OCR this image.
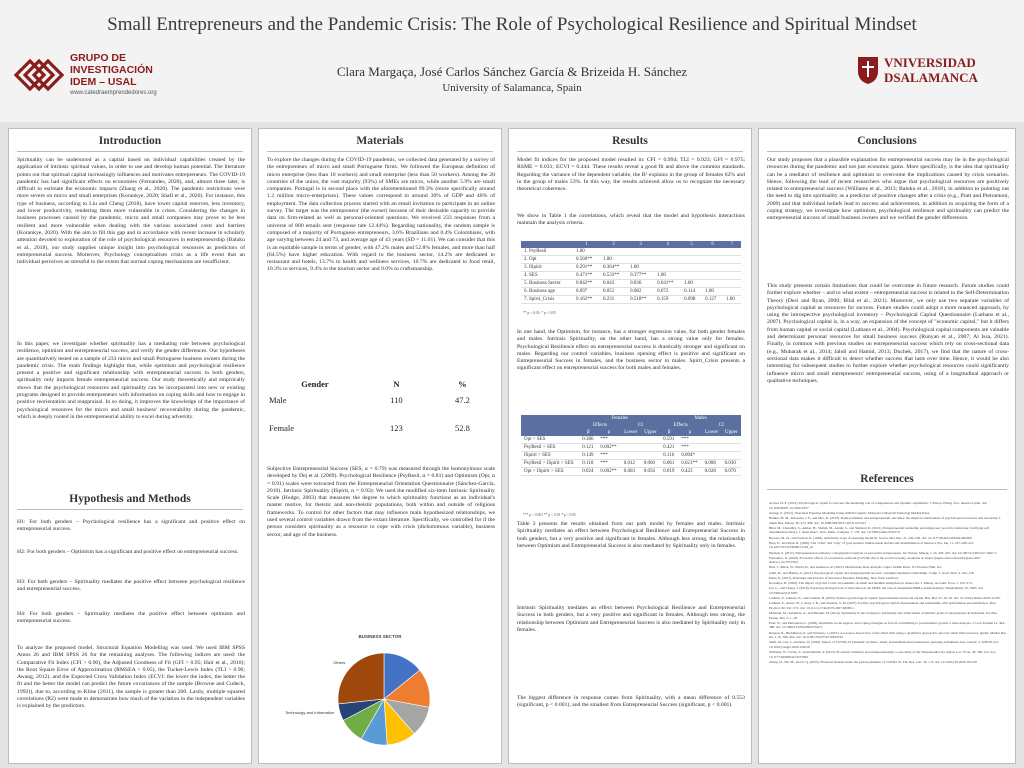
Small Entrepreneurs and the Pandemic Crisis: The Role of Psychological Resilience and Spiritual Mindset
GRUPO DE
INVESTIGACIÓN
IDEM – USAL
www.catedraemprendedores.org
Clara Margaça, José Carlos Sánchez García & Brizeida H. Sánchez
University of Salamanca, Spain
VNIVERSIDAD
DSALAMANCA
Introduction
Spirituality can be understood as a capital based on individual capabilities created by the application of intrinsic spiritual values, in order to use and develop human potential. The literature points out that spiritual capital increasingly influences and motivates entrepreneurs. The COVID-19 pandemic has had significant effects on economies (Fernandes, 2020), and, almost three later, is difficult to estimate the economic impacts (Zhang et al., 2020). The pandemic restrictions were more severe on micro and small enterprises (Korankye, 2020; Shafi et al., 2020). For instance, this type of business, according to Liu and Cheng (2018), have lower capital reserves, less inventory, and lower productivity, rendering them more vulnerable in crises. Considering the changes in business processes caused by the pandemic, micro and small companies may prove to be less resilient and more vulnerable when dealing with the various associated costs and barriers (Korankye, 2020). With the aim to fill this gap and in accordance with recent increase in scholarly attention devoted to exploration of the role of psychological resources in entrepreneurship (Baluku et al., 2018), our study supplies unique insight into psychological resources as predictors of entrepreneurial success. Moreover, Psychology conceptualises crisis as a life event that an individual perceives as stressful to the extent that normal coping mechanisms are insufficient.
In this paper, we investigate whether spirituality has a mediating role between psychological resilience, optimism and entrepreneurial success, and verify the gender differences. Our hypotheses are quantitatively tested on a sample of 233 micro and small Portuguese business owners during the pandemic crisis. The main findings highlight that, while optimism and psychological resilience present a positive and significant relationship with entrepreneurial success in both genders, spirituality only impacts female entrepreneurial success. Our study theoretically and empirically shows that the psychological resources and spirituality can be incorporated into new or existing programs designed to provide entrepreneurs with information on coping skills and how to engage in positive reorientation and reappraisal. In so doing, it improves the knowledge of the importance of psychological resources for the micro and small business' recoverability during the pandemic, which is deeply rooted in the entrepreneurial ability to excel during adversity.
Hypothesis and Methods
H1: For both genders – Psychological resilience has a significant and positive effect on entrepreneurial success.
H2: For both genders – Optimism has a significant and positive effect on entrepreneurial success.
H3: For both genders – Spirituality mediates the positive effect between psychological resilience and entrepreneurial success.
H4: For both genders – Spirituality mediates the positive effect between optimism and entrepreneurial success.
To analyze the proposed model, Structural Equation Modelling was used. We used IBM SPSS Amos 26 and IBM SPSS 26 for the remaining analyses. The following indices are used: the Comparative Fit Index (CFI > 0.90), the Adjusted Goodness of Fit (GFI > 0.95; Hair et al., 2010); the Root Square Error of Approximation (RMSEA < 0.05), the Tucker-Lewis Index (TLI > 0.90; Awang, 2012), and the Expected Cross Validation Index (ECVI: the lower the index, the better the fit and the better the model can predict the future covariances of the sample (Browne and Cudeck, 1992)), due to, according to Kline (2011), the sample is greater than 200. Lastly, multiple squared correlations (R2) were made to demonstrate how much of the variation in the independent variables is explained by the predictors.
Materials
To explore the changes during the COVID-19 pandemic, we collected data generated by a survey of the entrepreneurs of micro and small Portuguese firms. We followed the European definition of micro enterprise (less than 10 workers) and small enterprise (less than 50 workers). Among the 28 countries of the union, the vast majority (93%) of SMEs are micro, while another 5.9% are small companies. Portugal is in second place with the aforementioned 99.3% (more specifically around 1.2 million micro-enterprises). These values correspond to around 30% of GDP and 40% of employment. The data collection process started with an email invitation to participate in an online survey. The target was the entrepreneur (the owner) because of their desirable capacity to provide data on firm-related as well as personal-oriented questions. We received 233 responses from a universe of 800 emails sent (response rate 12.44%). Regarding nationality, the random sample is composed of a majority of Portuguese entrepreneurs, 3.6% Brazilians and 0.4% Colombians, with age varying between 24 and 73, and average age of 43 years (SD = 11.01). We can consider that this is an equitable sample in terms of gender, with 47.2% males and 52.8% females, and more than half (64.5%) have higher education. With regard to the business sector, 14.2% are dedicated to restaurant and hotels, 13.7% to health and wellness services, 10.7% are dedicated to food retail, 10.3% to services, 9.4% to the tourism sector and 9.0% to craftsmanship.
Gender	N	%
Male	110	47.2
Female	123	52.8
Subjective Entrepreneurial Success (SES, α = 0.79) was measured through the homonymous scale developed by Dej et al. (2009). Psychological Resilience (PsyResil, α = 0.81) and Optimism (Opt, α = 0.91) scales were extracted from the Entrepreneurial Orientation Questionnaire (Sánchez-García, 2010). Intrinsic Spirituality (ISpirit, α = 0.93): We used the modified six-item Intrinsic Spirituality Scale (Hodge, 2003) that measures the degree to which spirituality functions as an individual's master motive, for theistic and non-theistic populations, both within and outside of religious frameworks. To control for other factors that may influence main hypothesized relationships, we used several control variables drawn from the extant literature. Specifically, we controlled for if the person considers spirituality as a resource to cope with crisis (dichotomous variable), business sector, and age of the business.
BUSINESS SECTOR
Technology and Information
Others
Results
Model fit indices for the proposed model resulted in: CFI = 0.994; TLI = 0.923; GFI = 0.975; RSME = 0.031; ECVI = 0.444. These results reveal a good fit and above the common standards. Regarding the variance of the dependent variable, the R² explains in the group of females 62% and in the group of males 53%. In this way, the results achieved allow us to recognize the necessary theoretical coherence.
We show in Table 1 the correlations, which reveal that the model and hypothesis interactions maintain the analysis criteria.
	1	2	3	4	5	6	7
1. PsyResil	1.00						
2. Opt	0.560**	1.00					
3. ISpirit	0.291**	0.364**	1.00				
4. SES	0.471**	0.533**	0.377**	1.00			
5. Business Sector	0.042**	0.043	0.036	0.041**	1.00		
6. Business age	0.097	0.051	0.082	0.072	0.114	1.00	
7. Spirit_Crisis	0.162**	0.231	0.518**	0.159	0.098	0.127	1.00
** p < 0.01; * p < 0.05
In one hand, the Optimism, for instance, has a stronger regression value, for both gender females and males. Intrinsic Spirituality, on the other hand, has a strong value only for females. Psychological Resilience effect on entrepreneurial success is drastically stronger and significant on males. Regarding our control variables, business opening effect is positive and significant on Entrepreneurial Success in females, and the business sector in males. Spirit_Crisis presents a significant effect on entrepreneurial success for both males and females.
	Females				Males			
	Effects		CI		Effects		CI	
	β	p	Lower	Upper	β	p	Lower	Upper
Opt > SES	0.386	***			0.591	***		
PsyResil > SES	0.121	0.002**			0.421	***		
ISpirit > SES	0.149	***			0.116	0.004*		
PsyResil > ISpirit > SES	0.118	***	0.012	0.060	0.061	0.021**	0.006	0.030
Opt > ISpirit > SES	0.024	0.002**	0.003	0.056	0.019	0.423	0.028	0.070
*** p < 0.001 ** p < 0.01 * p < 0.05
Table 2 presents the results obtained from our path model by females and males. Intrinsic Spirituality mediates an effect between Psychological Resilience and Entrepreneurial Success in both genders, but a very positive and significant in females. Although less strong, the relationship between Optimism and Entrepreneurial Success is also mediated by Spirituality only in females.
Intrinsic Spirituality mediates an effect between Psychological Resilience and Entrepreneurial Success in both genders, but a very positive and significant in females. Although less strong, the relationship between Optimism and Entrepreneurial Success is also mediated by Spirituality only in females.
The biggest difference in response comes from Spirituality, with a mean difference of 0.553 (significant, p < 0.001), and the smallest from Entrepreneurial Success (significant, p < 0.001).
Conclusions
Our study proposes that a plausible explanation for entrepreneurial success may lie in the psychological resources during the pandemic and not just economic gains. More specifically, is the idea that spirituality can be a mediator of resilience and optimism to overcome the implications caused by crisis scenarios. Hence, following the lead of recent researchers who argue that psychological resources are positively related to entrepreneurial success (Williams et al., 2013; Baluku et al., 2018), in addition to pointing out the need to dig into spirituality as a predictor of positive changes after a crisis (e.g., Pratt and Pietrantoni, 2009) and that individual beliefs lead to success and achievement, in addition to acquiring the form of a coping strategy, we investigate how optimism, psychological resilience and spirituality can predict the entrepreneurial success of small business owners and we verified the gender differences.
This study presents certain limitations that could be overcome in future research. Future studies could further explore whether – and to what extent – entrepreneurial success is related to the Self-Determination Theory (Deci and Ryan, 2000; Bilal et al., 2021). Moreover, we only use two separate variables of psychological capital as resources for success. Future studies could adopt a more nuanced approach, by using the introspective psychological inventory – Psychological Capital Questionnaire (Luthans et al., 2007). Psychological capital is, in a way, an expansion of the concept of "economic capital," but it differs from human capital or social capital (Luthans et al., 2004). Psychological capital components are valuable and determinant personal resources for small business success (Runyan et al., 2007; Al Issa, 2021). Finally, in common with previous studies on entrepreneurial success which rely on cross-sectional data (e.g., Mubarak et al., 2014; Jahdi and Hamid, 2013; Duchek, 2017), we find that the nature of cross-sectional data makes it difficult to detect whether success that lasts over time. Hence, it would be also interesting for subsequent studies to further explore whether psychological resources could significantly influence micro and small entrepreneurs' entrepreneurial success, using of a longitudinal approach or qualitative techniques.
References
Al Issa, H.-E. (2021). Psychological capital for success: the mediating role of competencies and dynamic capabilities. J. Entrep. Emerg. Eco. ahead-of-print. doi: 10.1108/JEEE-10-2020-0357
Awang, Z. (2012). Structural Equation Modeling Using AMOS Graphic. Malaysia: Universiti Teknologi MARA Press.
Baluku, M. M., Kikooma, J. F., and Otto, K. (2018). Positive mindset and entrepreneurial outcomes: the magical contributions of psychological resources and autonomy. J. Small Bus. Entrep. 30, 473–498. doi: 10.1080/08276331.2018.1475415
Bilal, M., Chaudhry, S., Amber, H., Shahid, M., Aslam, S., and Shahzad, K. (2021). Entrepreneurial leadership and employees' proactive behaviour: fortifying self determination theory. J. Open Innov. Tech. Mark. Complex. 7, 176. doi: 10.3390/joitmc7030176
Browne, M. W., and Cudeck, R. (1992). Alternative ways of assessing model fit. Sociol. Met. Res. 21, 230–258. doi: 10.1177/0049124192021002005
Deci, E., and Ryan, R. (2000). The "what" and "why" of goal pursuits: human needs and the self-determination of behavior. Psy. Inq. 11, 227–268. doi: 10.1207/S15327965PLI1104_01
Duchek, S. (2017). Entrepreneurial resilience: a biographical analysis of successful entrepreneurs. Int. Entrep. Manag. J. 14, 429–455. doi: 10.1007/s11365-017-0467-2
Fernandes, N. (2020). Economic effects of coronavirus outbreak (COVID-19) on the world economy. Available at: https://papers.ssrn.com/sol3/papers.cfm?abstract_id=3557504
Hair, J., Black, W., Babin, B., and Anderson, R. (2010). Multivariate Data Analysis. Upper Saddle River, NJ: Prentice Hall, Inc.
Jahdi, H., and Hamid, A. (2013). Psychological capital and entrepreneurial success: a multiple-mediated relationship. Comp. J. Acad. Stud. 4, 100–118.
Kline, R. (2011). Principles and Practice of Structural Equation Modeling. New York: Guilford.
Korankye, B. (2020). The impact of global Covid-19 pandemic on small and medium enterprises in Ghana. Int. J. Manag. Account. Econ. 7, 255–274.
Liu, C., and Cheng, J. (2018). Exploring driving forces of innovation in the MSEs: the case of sustainable B&B tourism industry. Sustainability 10, 3983. doi: 10.3390/su10113983
Luthans, F., Luthans, K., and Luthans, B. (2004). Positive psychological capital: beyond human and social capital. Bus. Hor. 47, 45–50. doi: 10.1016/j.bushor.2003.11.007
Luthans, F., Avolio, B. J., Avey, J. B., and Norman, S. M. (2007). Positive psychological capital: measurement and relationship with performance and satisfaction. Pers. Psychol. 60, 541–572. doi: 10.1111/j.1744-6570.2007.00083.x
Mubarak, M., Sulaiman, A., and Bassaib, M. (2014). Spirituality in the workplace: spirituality and achievement of intrinsic goals of entrepreneurs in Indonesia. Int. Bus. Entrep. Res. 3, 1–18.
Pratt, N., and Pietrantoni, L. (2009). Optimism, social support, and coping strategies as factors contributing to posttraumatic growth: a meta-analysis. J. Loss Trauma 14, 364–388. doi: 10.1080/15325020902724271
Runyan, R., Huddleston, P., and Swinney, J. (2007). A resource-based view of the small firm: using a qualitative approach to uncover small firm resources. Qualit. Market Res. Int. J. 10, 390–402. doi: 10.1108/13522750710819720
Shafi, M., Liu, J., and Ren, W. (2020). Impact of COVID-19 pandemic on micro, small, and medium-sized enterprises operating in Pakistan. Res. Global. 2, 100018. doi: 10.1016/j.resglo.2020.100018
Williams, N., Vorley, T., and Ketikidis, P. (2013). Economic resilience and entrepreneurship: a case study of the Thessaloniki City region. Loc. Econ. 28, 399–415. doi: 10.1177/0269094213475993
Zhang, D., Hu, M., and Ji, Q. (2020). Financial markets under the global pandemic of COVID-19. Fin. Res. Lett. 36, 1–6. doi: 10.1016/j.frl.2020.101528
